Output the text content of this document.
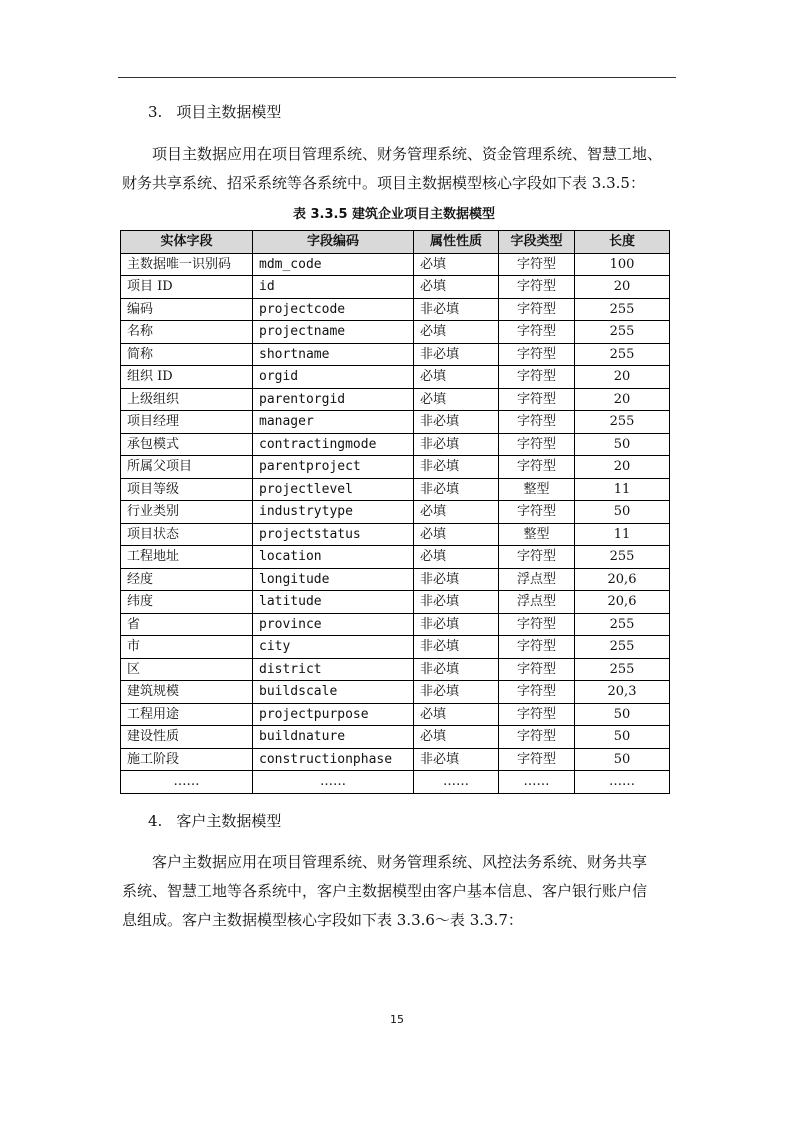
3. 项目主数据模型
项目主数据应用在项目管理系统、财务管理系统、资金管理系统、智慧工地、
财务共享系统、招采系统等各系统中。项目主数据模型核心字段如下表 3.3.5：
表 3.3.5 建筑企业项目主数据模型
实体字段	字段编码	属性性质	字段类型	长度
主数据唯一识别码	mdm_code	必填	字符型	100
项目 ID	id	必填	字符型	20
编码	projectcode	非必填	字符型	255
名称	projectname	必填	字符型	255
简称	shortname	非必填	字符型	255
组织 ID	orgid	必填	字符型	20
上级组织	parentorgid	必填	字符型	20
项目经理	manager	非必填	字符型	255
承包模式	contractingmode	非必填	字符型	50
所属父项目	parentproject	非必填	字符型	20
项目等级	projectlevel	非必填	整型	11
行业类别	industrytype	必填	字符型	50
项目状态	projectstatus	必填	整型	11
工程地址	location	必填	字符型	255
经度	longitude	非必填	浮点型	20,6
纬度	latitude	非必填	浮点型	20,6
省	province	非必填	字符型	255
市	city	非必填	字符型	255
区	district	非必填	字符型	255
建筑规模	buildscale	非必填	字符型	20,3
工程用途	projectpurpose	必填	字符型	50
建设性质	buildnature	必填	字符型	50
施工阶段	constructionphase	非必填	字符型	50
……	……	……	……	……
4. 客户主数据模型
客户主数据应用在项目管理系统、财务管理系统、风控法务系统、财务共享
系统、智慧工地等各系统中，客户主数据模型由客户基本信息、客户银行账户信
息组成。客户主数据模型核心字段如下表 3.3.6～表 3.3.7：
15
